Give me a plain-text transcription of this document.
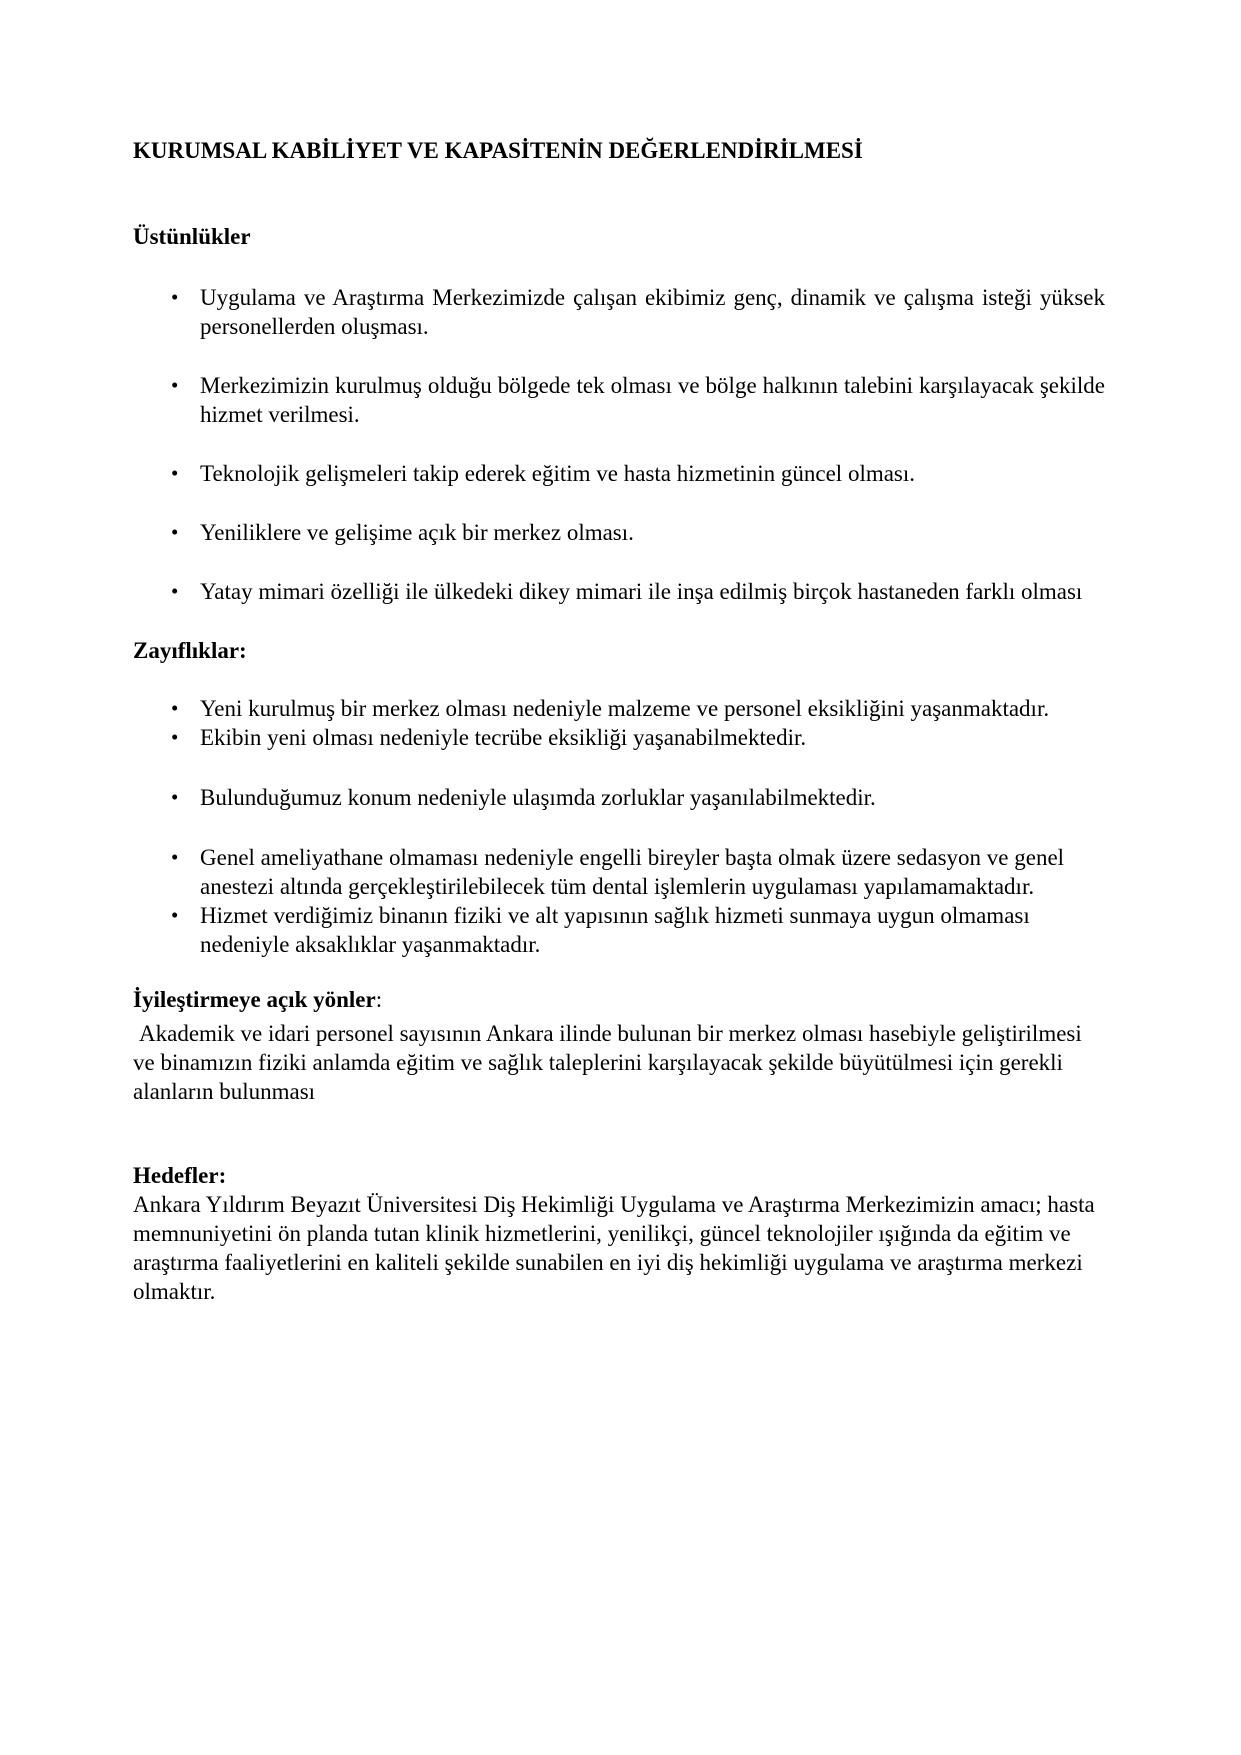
KURUMSAL KABİLİYET VE KAPASİTENİN DEĞERLENDİRİLMESİ
Üstünlükler
• Uygulama ve Araştırma Merkezimizde çalışan ekibimiz genç, dinamik ve çalışma isteği yüksek personellerden oluşması.
• Merkezimizin kurulmuş olduğu bölgede tek olması ve bölge halkının talebini karşılayacak şekilde hizmet verilmesi.
• Teknolojik gelişmeleri takip ederek eğitim ve hasta hizmetinin güncel olması.
• Yeniliklere ve gelişime açık bir merkez olması.
• Yatay mimari özelliği ile ülkedeki dikey mimari ile inşa edilmiş birçok hastaneden farklı olması
Zayıflıklar:
• Yeni kurulmuş bir merkez olması nedeniyle malzeme ve personel eksikliğini yaşanmaktadır.
• Ekibin yeni olması nedeniyle tecrübe eksikliği yaşanabilmektedir.
• Bulunduğumuz konum nedeniyle ulaşımda zorluklar yaşanılabilmektedir.
• Genel ameliyathane olmaması nedeniyle engelli bireyler başta olmak üzere sedasyon ve genel anestezi altında gerçekleştirilebilecek tüm dental işlemlerin uygulaması yapılamamaktadır.
• Hizmet verdiğimiz binanın fiziki ve alt yapısının sağlık hizmeti sunmaya uygun olmaması nedeniyle aksaklıklar yaşanmaktadır.
İyileştirmeye açık yönler:

Akademik ve idari personel sayısının Ankara ilinde bulunan bir merkez olması hasebiyle geliştirilmesi ve binamızın fiziki anlamda eğitim ve sağlık taleplerini karşılayacak şekilde büyütülmesi için gerekli alanların bulunması

Hedefler:

Ankara Yıldırım Beyazıt Üniversitesi Diş Hekimliği Uygulama ve Araştırma Merkezimizin amacı; hasta memnuniyetini ön planda tutan klinik hizmetlerini, yenilikçi, güncel teknolojiler ışığında da eğitim ve araştırma faaliyetlerini en kaliteli şekilde sunabilen en iyi diş hekimliği uygulama ve araştırma merkezi olmaktır.
